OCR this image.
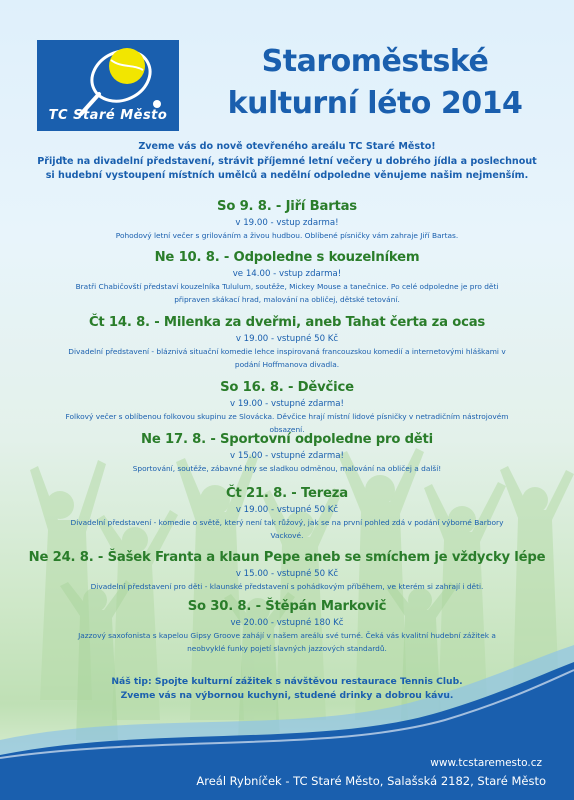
TC Staré Město
Staroměstské
kulturní léto 2014
Zveme vás do nově otevřeného areálu TC Staré Město!
Přijďte na divadelní představení, strávit příjemné letní večery u dobrého jídla a poslechnout
si hudební vystoupení místních umělců a nedělní odpoledne věnujeme našim nejmenším.
So 9. 8. - Jiří Bartas
v 19.00 - vstup zdarma!
Pohodový letní večer s grilováním a živou hudbou. Oblíbené písničky vám zahraje Jiří Bartas.
Ne 10. 8. - Odpoledne s kouzelníkem
ve 14.00 - vstup zdarma!
Bratři Chabičovští představí kouzelníka Tululum, soutěže, Mickey Mouse a tanečnice. Po celé odpoledne je pro děti připraven skákací hrad, malování na obličej, dětské tetování.
Čt 14. 8. - Milenka za dveřmi, aneb Tahat čerta za ocas
v 19.00 - vstupné 50 Kč
Divadelní představení - bláznivá situační komedie lehce inspirovaná francouzskou komedií a internetovými hláškami v podání Hoffmanova divadla.
So 16. 8. - Děvčice
v 19.00 - vstupné zdarma!
Folkový večer s oblíbenou folkovou skupinu ze Slovácka. Děvčice hrají místní lidové písničky v netradičním nástrojovém obsazení.
Ne 17. 8. - Sportovní odpoledne pro děti
v 15.00 - vstupné zdarma!
Sportování, soutěže, zábavné hry se sladkou odměnou, malování na obličej a další!
Čt 21. 8. - Tereza
v 19.00 - vstupné 50 Kč
Divadelní představení - komedie o světě, který není tak růžový, jak se na první pohled zdá v podání výborné Barbory Vackové.
Ne 24. 8. - Šašek Franta a klaun Pepe aneb se smíchem je vždycky lépe
v 15.00 - vstupné 50 Kč
Divadelní představení pro děti - klaunské představení s pohádkovým příběhem, ve kterém si zahrají i děti.
So 30. 8. - Štěpán Markovič
ve 20.00 - vstupné 180 Kč
Jazzový saxofonista s kapelou Gipsy Groove zahájí v našem areálu své turné. Čeká vás kvalitní hudební zážitek a neobvyklé funky pojetí slavných jazzových standardů.
Náš tip: Spojte kulturní zážitek s návštěvou restaurace Tennis Club.
Zveme vás na výbornou kuchyni, studené drinky a dobrou kávu.
www.tcstaremesto.cz
Areál Rybníček - TC Staré Město, Salašská 2182, Staré Město
